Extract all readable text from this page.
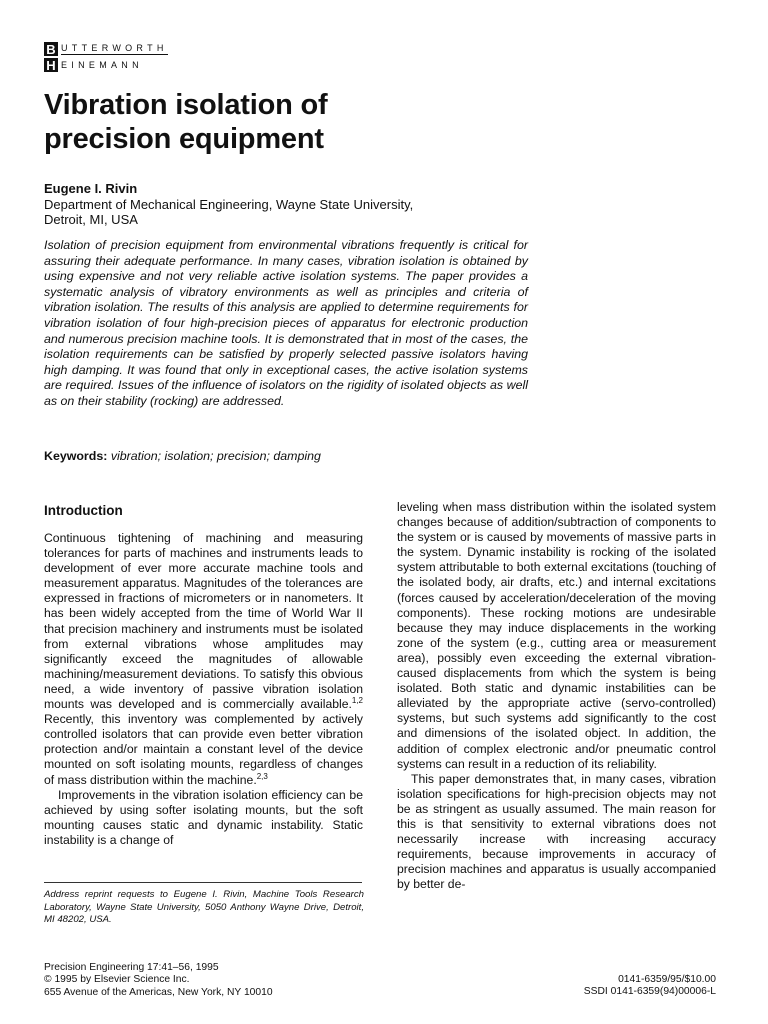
B UTTERWORTH
H EINEMANN
Vibration isolation of
precision equipment
Eugene I. Rivin
Department of Mechanical Engineering, Wayne State University,
Detroit, MI, USA

Isolation of precision equipment from environmental vibrations frequently is critical for assuring their adequate performance. In many cases, vibration isolation is obtained by using expensive and not very reliable active isolation systems. The paper provides a systematic analysis of vibratory environments as well as principles and criteria of vibration isolation. The results of this analysis are applied to determine requirements for vibration isolation of four high-precision pieces of apparatus for electronic production and numerous precision machine tools. It is demonstrated that in most of the cases, the isolation requirements can be satisfied by properly selected passive isolators having high damping. It was found that only in exceptional cases, the active isolation systems are required. Issues of the influence of isolators on the rigidity of isolated objects as well as on their stability (rocking) are addressed.

Keywords: vibration; isolation; precision; damping
Introduction

Continuous tightening of machining and measuring tolerances for parts of machines and instruments leads to development of ever more accurate machine tools and measurement apparatus. Magnitudes of the tolerances are expressed in fractions of micrometers or in nanometers. It has been widely accepted from the time of World War II that precision machinery and instruments must be isolated from external vibrations whose amplitudes may significantly exceed the magnitudes of allowable machining/measurement deviations. To satisfy this obvious need, a wide inventory of passive vibration isolation mounts was developed and is commercially available.$^{1,2}$ Recently, this inventory was complemented by actively controlled isolators that can provide even better vibration protection and/or maintain a constant level of the device mounted on soft isolating mounts, regardless of changes of mass distribution within the machine.$^{2,3}$

Improvements in the vibration isolation efficiency can be achieved by using softer isolating mounts, but the soft mounting causes static and dynamic instability. Static instability is a change of

leveling when mass distribution within the isolated system changes because of addition/subtraction of components to the system or is caused by movements of massive parts in the system. Dynamic instability is rocking of the isolated system attributable to both external excitations (touching of the isolated body, air drafts, etc.) and internal excitations (forces caused by acceleration/deceleration of the moving components). These rocking motions are undesirable because they may induce displacements in the working zone of the system (e.g., cutting area or measurement area), possibly even exceeding the external vibration-caused displacements from which the system is being isolated. Both static and dynamic instabilities can be alleviated by the appropriate active (servo-controlled) systems, but such systems add significantly to the cost and dimensions of the isolated object. In addition, the addition of complex electronic and/or pneumatic control systems can result in a reduction of its reliability.

This paper demonstrates that, in many cases, vibration isolation specifications for high-precision objects may not be as stringent as usually assumed. The main reason for this is that sensitivity to external vibrations does not necessarily increase with increasing accuracy requirements, because improvements in accuracy of precision machines and apparatus is usually accompanied by better de-

Address reprint requests to Eugene I. Rivin, Machine Tools Research Laboratory, Wayne State University, 5050 Anthony Wayne Drive, Detroit, MI 48202, USA.

Precision Engineering 17:41–56, 1995
© 1995 by Elsevier Science Inc.
655 Avenue of the Americas, New York, NY 10010
0141-6359/95/$10.00
SSDI 0141-6359(94)00006-L
